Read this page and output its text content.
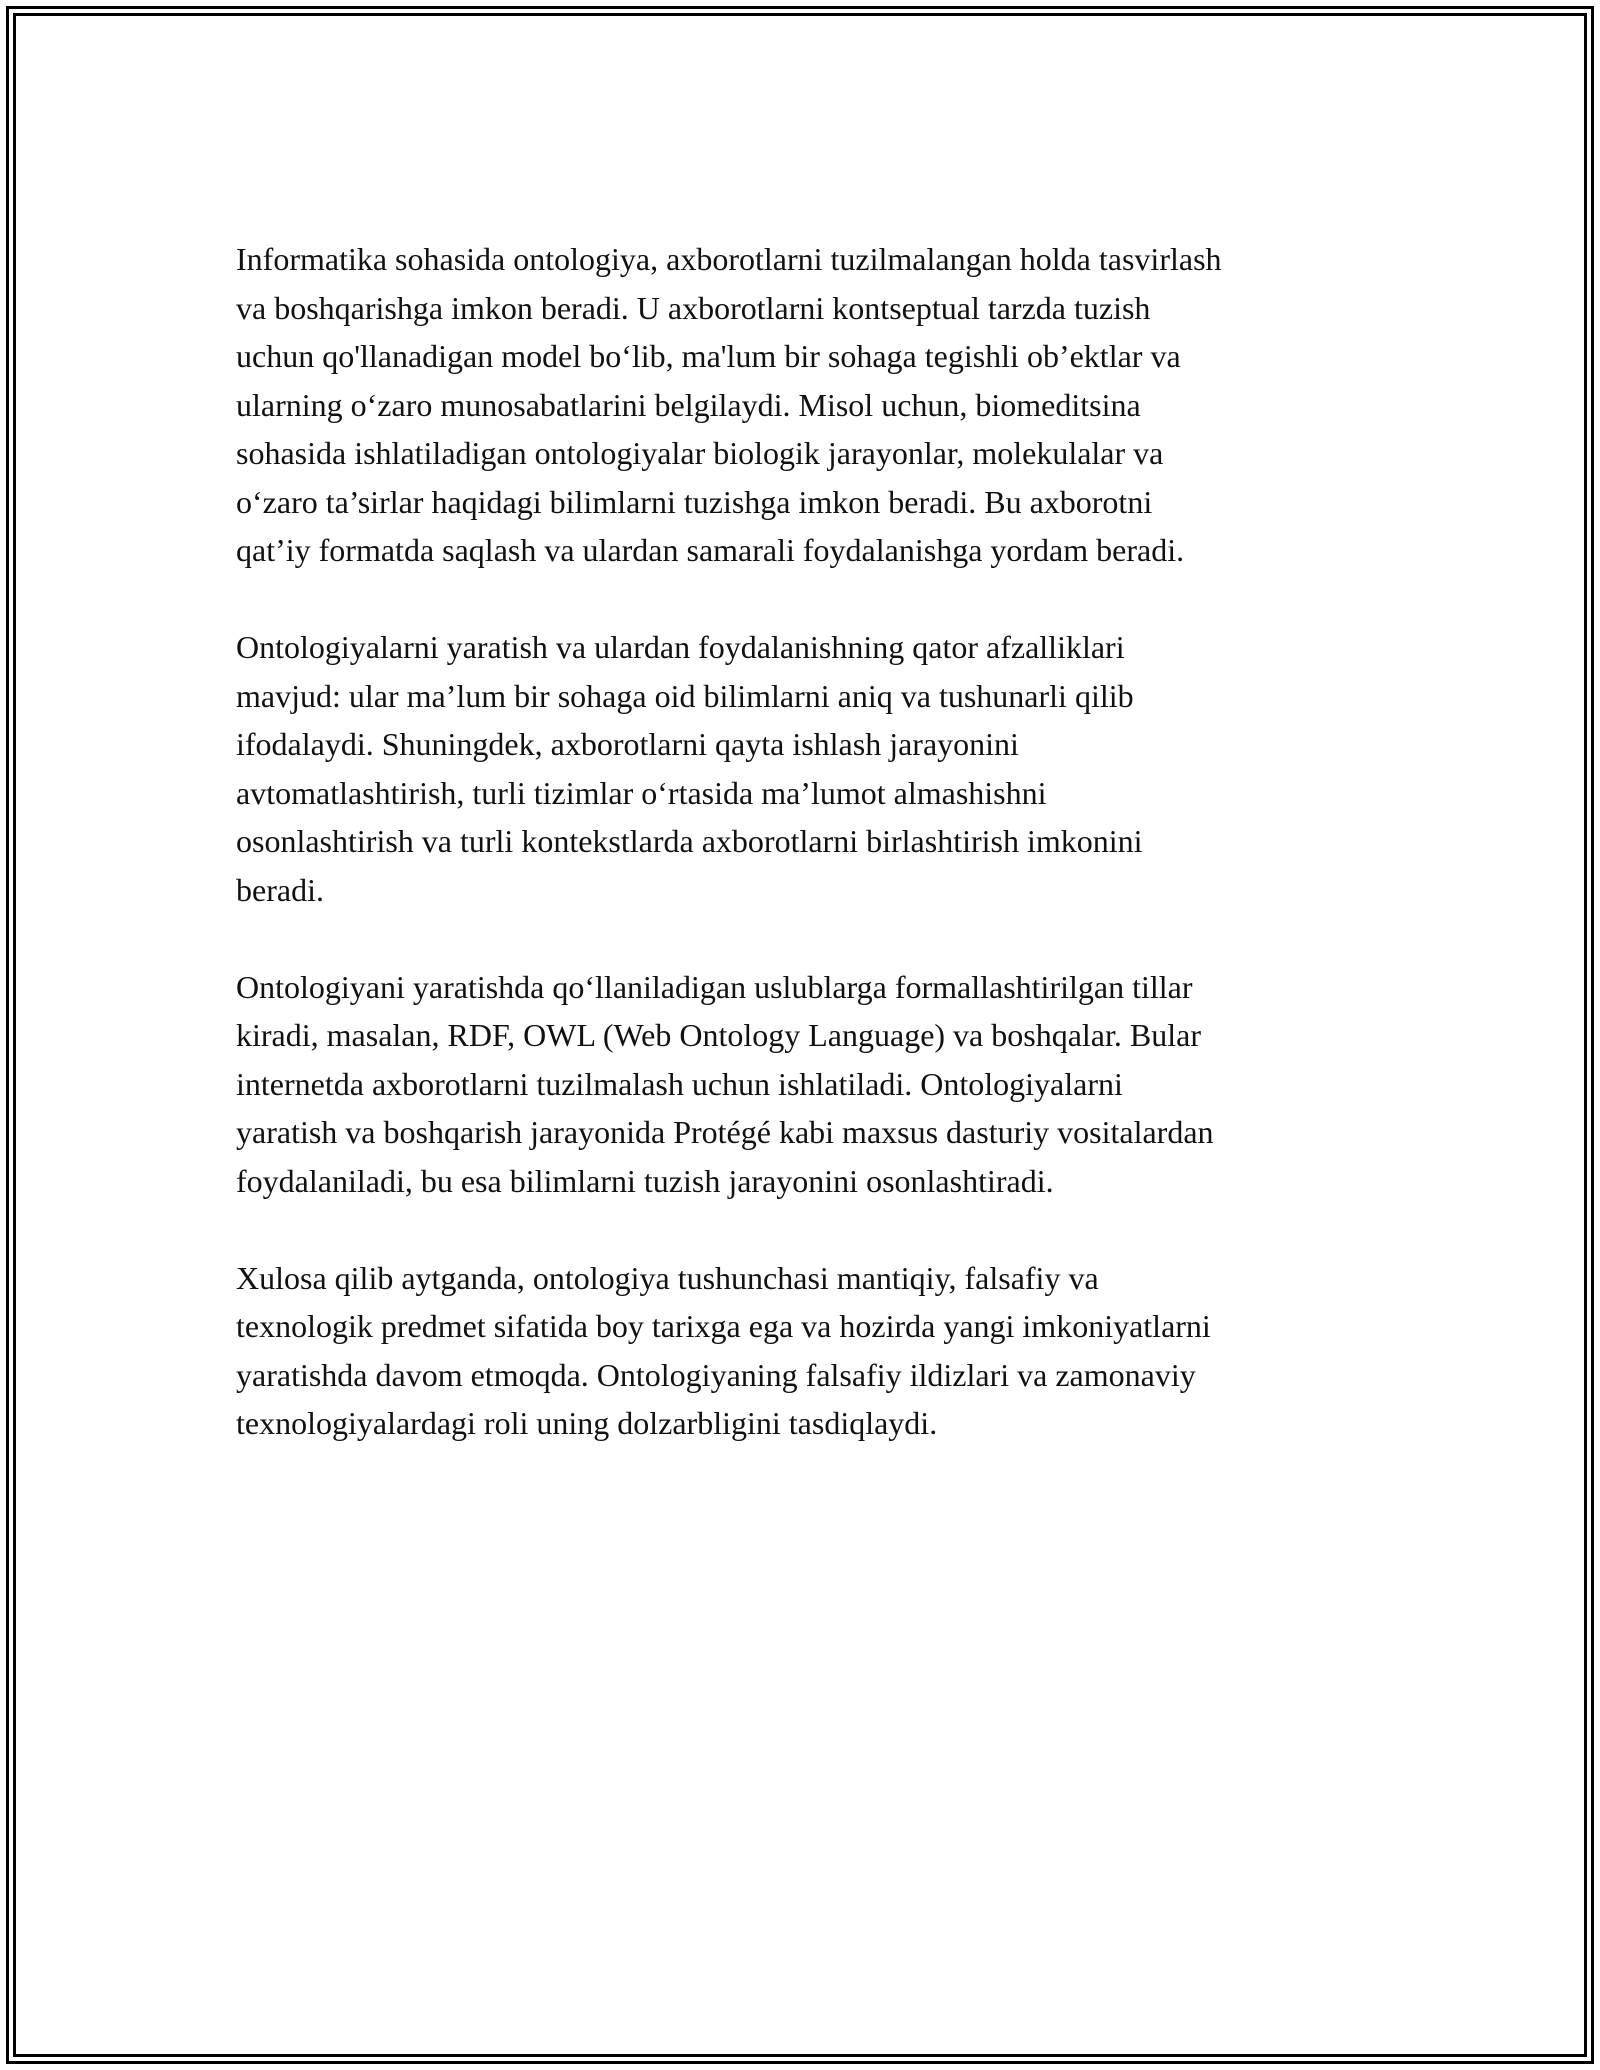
Informatika sohasida ontologiya, axborotlarni tuzilmalangan holda tasvirlash
va boshqarishga imkon beradi. U axborotlarni kontseptual tarzda tuzish
uchun qo'llanadigan model bo‘lib, ma'lum bir sohaga tegishli ob’ektlar va
ularning o‘zaro munosabatlarini belgilaydi. Misol uchun, biomeditsina
sohasida ishlatiladigan ontologiyalar biologik jarayonlar, molekulalar va
o‘zaro ta’sirlar haqidagi bilimlarni tuzishga imkon beradi. Bu axborotni
qat’iy formatda saqlash va ulardan samarali foydalanishga yordam beradi.

Ontologiyalarni yaratish va ulardan foydalanishning qator afzalliklari
mavjud: ular ma’lum bir sohaga oid bilimlarni aniq va tushunarli qilib
ifodalaydi. Shuningdek, axborotlarni qayta ishlash jarayonini
avtomatlashtirish, turli tizimlar o‘rtasida ma’lumot almashishni
osonlashtirish va turli kontekstlarda axborotlarni birlashtirish imkonini
beradi.

Ontologiyani yaratishda qo‘llaniladigan uslublarga formallashtirilgan tillar
kiradi, masalan, RDF, OWL (Web Ontology Language) va boshqalar. Bular
internetda axborotlarni tuzilmalash uchun ishlatiladi. Ontologiyalarni
yaratish va boshqarish jarayonida Protégé kabi maxsus dasturiy vositalardan
foydalaniladi, bu esa bilimlarni tuzish jarayonini osonlashtiradi.

Xulosa qilib aytganda, ontologiya tushunchasi mantiqiy, falsafiy va
texnologik predmet sifatida boy tarixga ega va hozirda yangi imkoniyatlarni
yaratishda davom etmoqda. Ontologiyaning falsafiy ildizlari va zamonaviy
texnologiyalardagi roli uning dolzarbligini tasdiqlaydi.
